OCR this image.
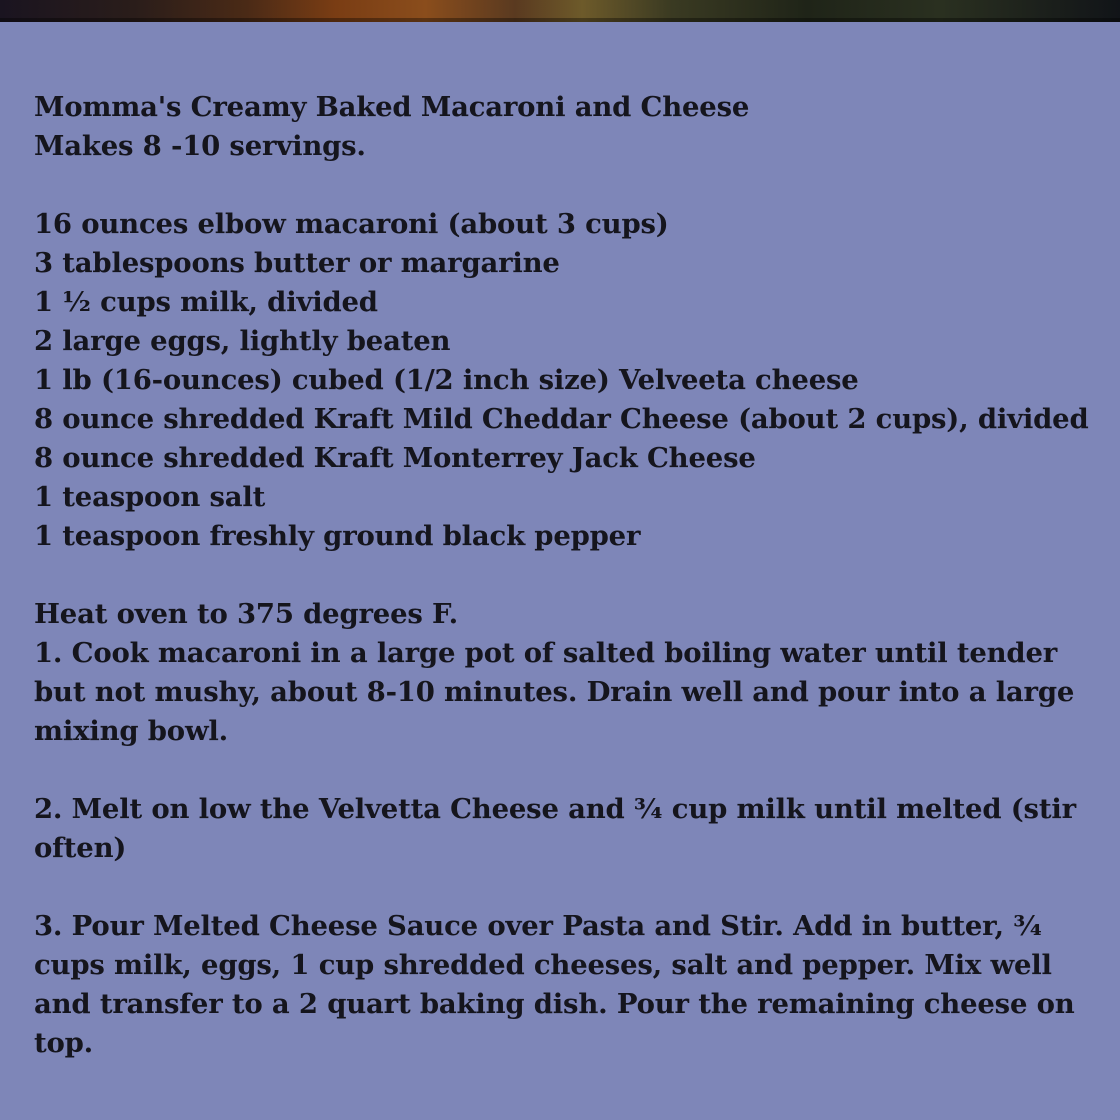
Momma's Creamy Baked Macaroni and Cheese
Makes 8 -10 servings.
16 ounces elbow macaroni (about 3 cups)
3 tablespoons butter or margarine
1 ½ cups milk, divided
2 large eggs, lightly beaten
1 lb (16-ounces) cubed (1/2 inch size) Velveeta cheese
8 ounce shredded Kraft Mild Cheddar Cheese (about 2 cups), divided
8 ounce shredded Kraft Monterrey Jack Cheese
1 teaspoon salt
1 teaspoon freshly ground black pepper
Heat oven to 375 degrees F.
1. Cook macaroni in a large pot of salted boiling water until tender
but not mushy, about 8-10 minutes. Drain well and pour into a large
mixing bowl.
2. Melt on low the Velvetta Cheese and ¾ cup milk until melted (stir
often)
3. Pour Melted Cheese Sauce over Pasta and Stir. Add in butter, ¾
cups milk, eggs, 1 cup shredded cheeses, salt and pepper. Mix well
and transfer to a 2 quart baking dish. Pour the remaining cheese on
top.
